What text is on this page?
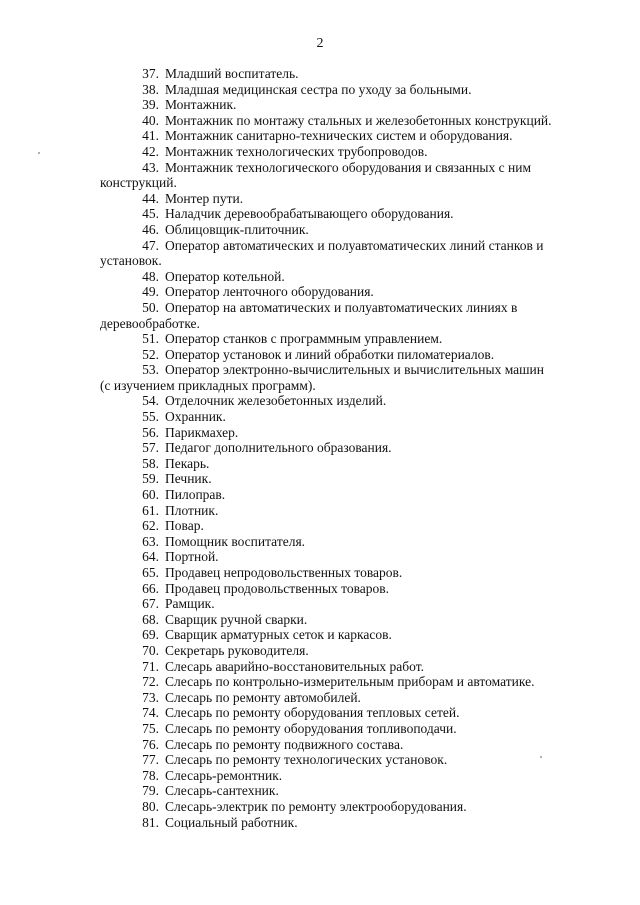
2
37. Младший воспитатель.
38. Младшая медицинская сестра по уходу за больными.
39. Монтажник.
40. Монтажник по монтажу стальных и железобетонных конструкций.
41. Монтажник санитарно-технических систем и оборудования.
42. Монтажник технологических трубопроводов.
43. Монтажник технологического оборудования и связанных с ним
конструкций.
44. Монтер пути.
45. Наладчик деревообрабатывающего оборудования.
46. Облицовщик-плиточник.
47. Оператор автоматических и полуавтоматических линий станков и
установок.
48. Оператор котельной.
49. Оператор ленточного оборудования.
50. Оператор на автоматических и полуавтоматических линиях в
деревообработке.
51. Оператор станков с программным управлением.
52. Оператор установок и линий обработки пиломатериалов.
53. Оператор электронно-вычислительных и вычислительных машин
(с изучением прикладных программ).
54. Отделочник железобетонных изделий.
55. Охранник.
56. Парикмахер.
57. Педагог дополнительного образования.
58. Пекарь.
59. Печник.
60. Пилоправ.
61. Плотник.
62. Повар.
63. Помощник воспитателя.
64. Портной.
65. Продавец непродовольственных товаров.
66. Продавец продовольственных товаров.
67. Рамщик.
68. Сварщик ручной сварки.
69. Сварщик арматурных сеток и каркасов.
70. Секретарь руководителя.
71. Слесарь аварийно-восстановительных работ.
72. Слесарь по контрольно-измерительным приборам и автоматике.
73. Слесарь по ремонту автомобилей.
74. Слесарь по ремонту оборудования тепловых сетей.
75. Слесарь по ремонту оборудования топливоподачи.
76. Слесарь по ремонту подвижного состава.
77. Слесарь по ремонту технологических установок.
78. Слесарь-ремонтник.
79. Слесарь-сантехник.
80. Слесарь-электрик по ремонту электрооборудования.
81. Социальный работник.
